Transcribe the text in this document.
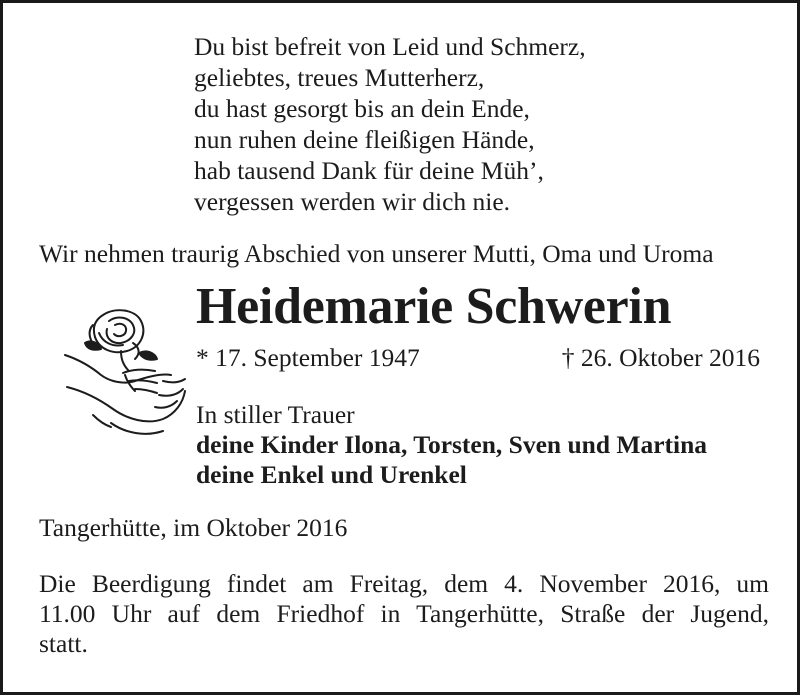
Du bist befreit von Leid und Schmerz,
geliebtes, treues Mutterherz,
du hast gesorgt bis an dein Ende,
nun ruhen deine fleißigen Hände,
hab tausend Dank für deine Müh’,
vergessen werden wir dich nie.
Wir nehmen traurig Abschied von unserer Mutti, Oma und Uroma
Heidemarie Schwerin
* 17. September 1947	† 26. Oktober 2016
In stiller Trauer
deine Kinder Ilona, Torsten, Sven und Martina
deine Enkel und Urenkel
Tangerhütte, im Oktober 2016
Die Beerdigung findet am Freitag, dem 4. November 2016, um
11.00 Uhr auf dem Friedhof in Tangerhütte, Straße der Jugend,
statt.
